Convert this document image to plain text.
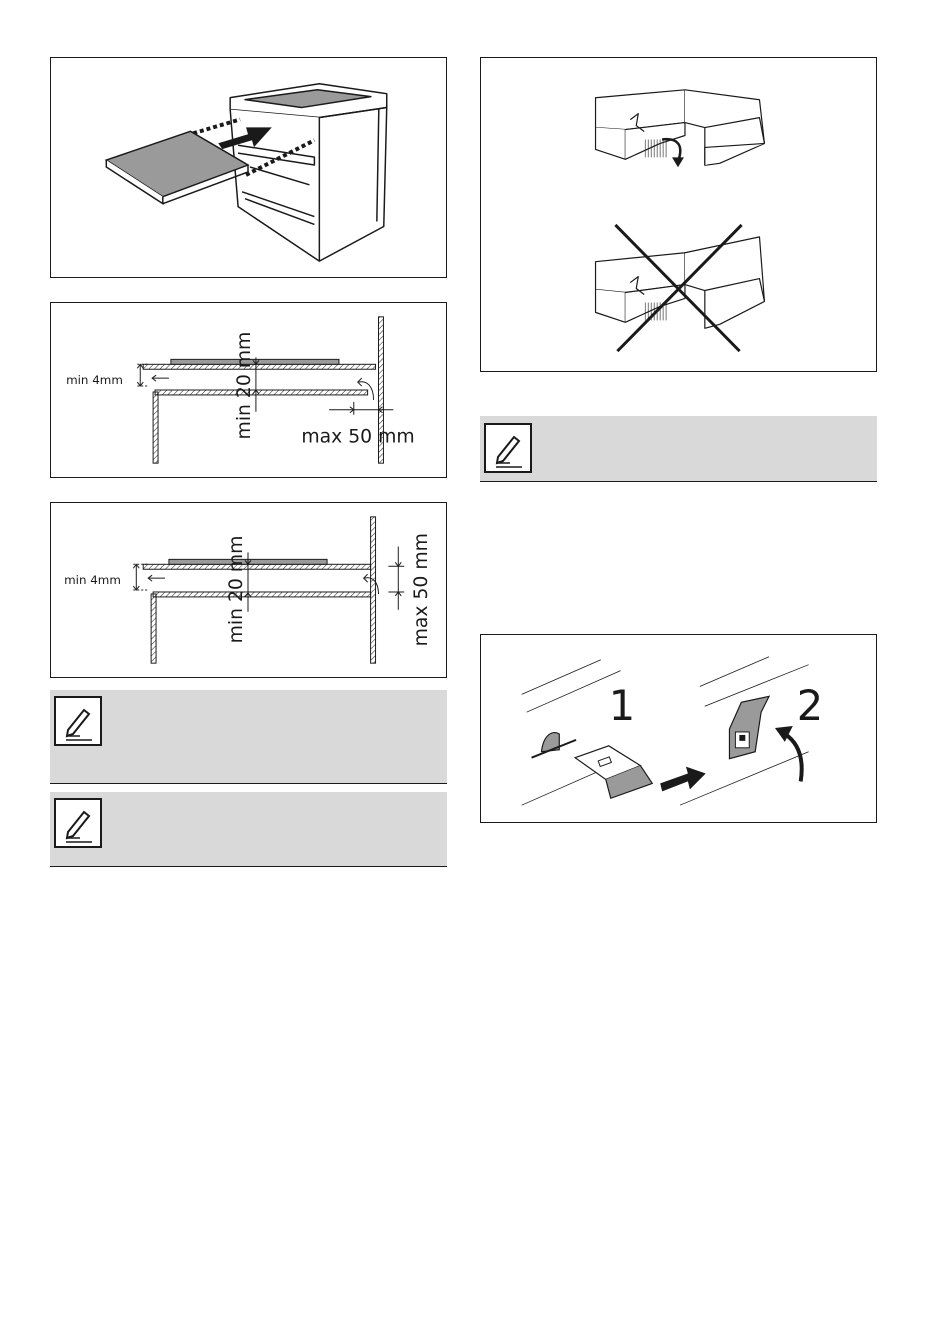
min 4mm	min 20 mm max 50 mm
min 4mm	min 20 mm	max 50 mm
1	2
